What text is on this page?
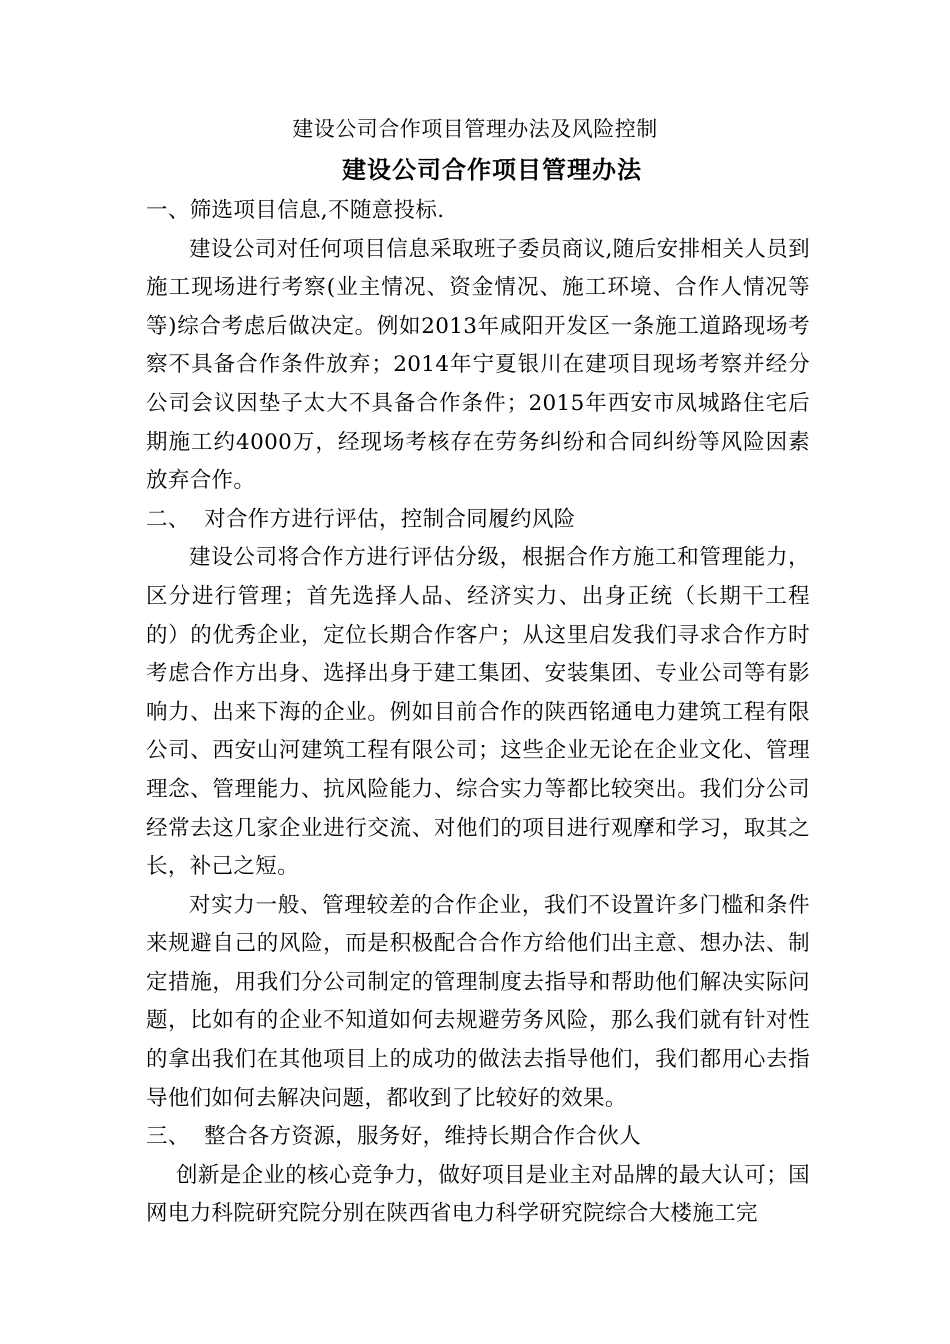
建设公司合作项目管理办法及风险控制
建设公司合作项目管理办法

一、筛选项目信息,不随意投标.

建设公司对任何项目信息采取班子委员商议,随后安排相关人员到施工现场进行考察(业主情况、资金情况、施工环境、合作人情况等等)综合考虑后做决定。例如2013年咸阳开发区一条施工道路现场考察不具备合作条件放弃；2014年宁夏银川在建项目现场考察并经分公司会议因垫子太大不具备合作条件；2015年西安市凤城路住宅后期施工约4000万，经现场考核存在劳务纠纷和合同纠纷等风险因素放弃合作。

二、  对合作方进行评估，控制合同履约风险

建设公司将合作方进行评估分级，根据合作方施工和管理能力，区分进行管理；首先选择人品、经济实力、出身正统（长期干工程的）的优秀企业，定位长期合作客户；从这里启发我们寻求合作方时考虑合作方出身、选择出身于建工集团、安装集团、专业公司等有影响力、出来下海的企业。例如目前合作的陕西铭通电力建筑工程有限公司、西安山河建筑工程有限公司；这些企业无论在企业文化、管理理念、管理能力、抗风险能力、综合实力等都比较突出。我们分公司经常去这几家企业进行交流、对他们的项目进行观摩和学习，取其之长，补己之短。

对实力一般、管理较差的合作企业，我们不设置许多门槛和条件来规避自己的风险，而是积极配合合作方给他们出主意、想办法、制定措施，用我们分公司制定的管理制度去指导和帮助他们解决实际问题，比如有的企业不知道如何去规避劳务风险，那么我们就有针对性的拿出我们在其他项目上的成功的做法去指导他们，我们都用心去指导他们如何去解决问题，都收到了比较好的效果。

三、  整合各方资源，服务好，维持长期合作合伙人

创新是企业的核心竞争力，做好项目是业主对品牌的最大认可；国网电力科院研究院分别在陕西省电力科学研究院综合大楼施工完
